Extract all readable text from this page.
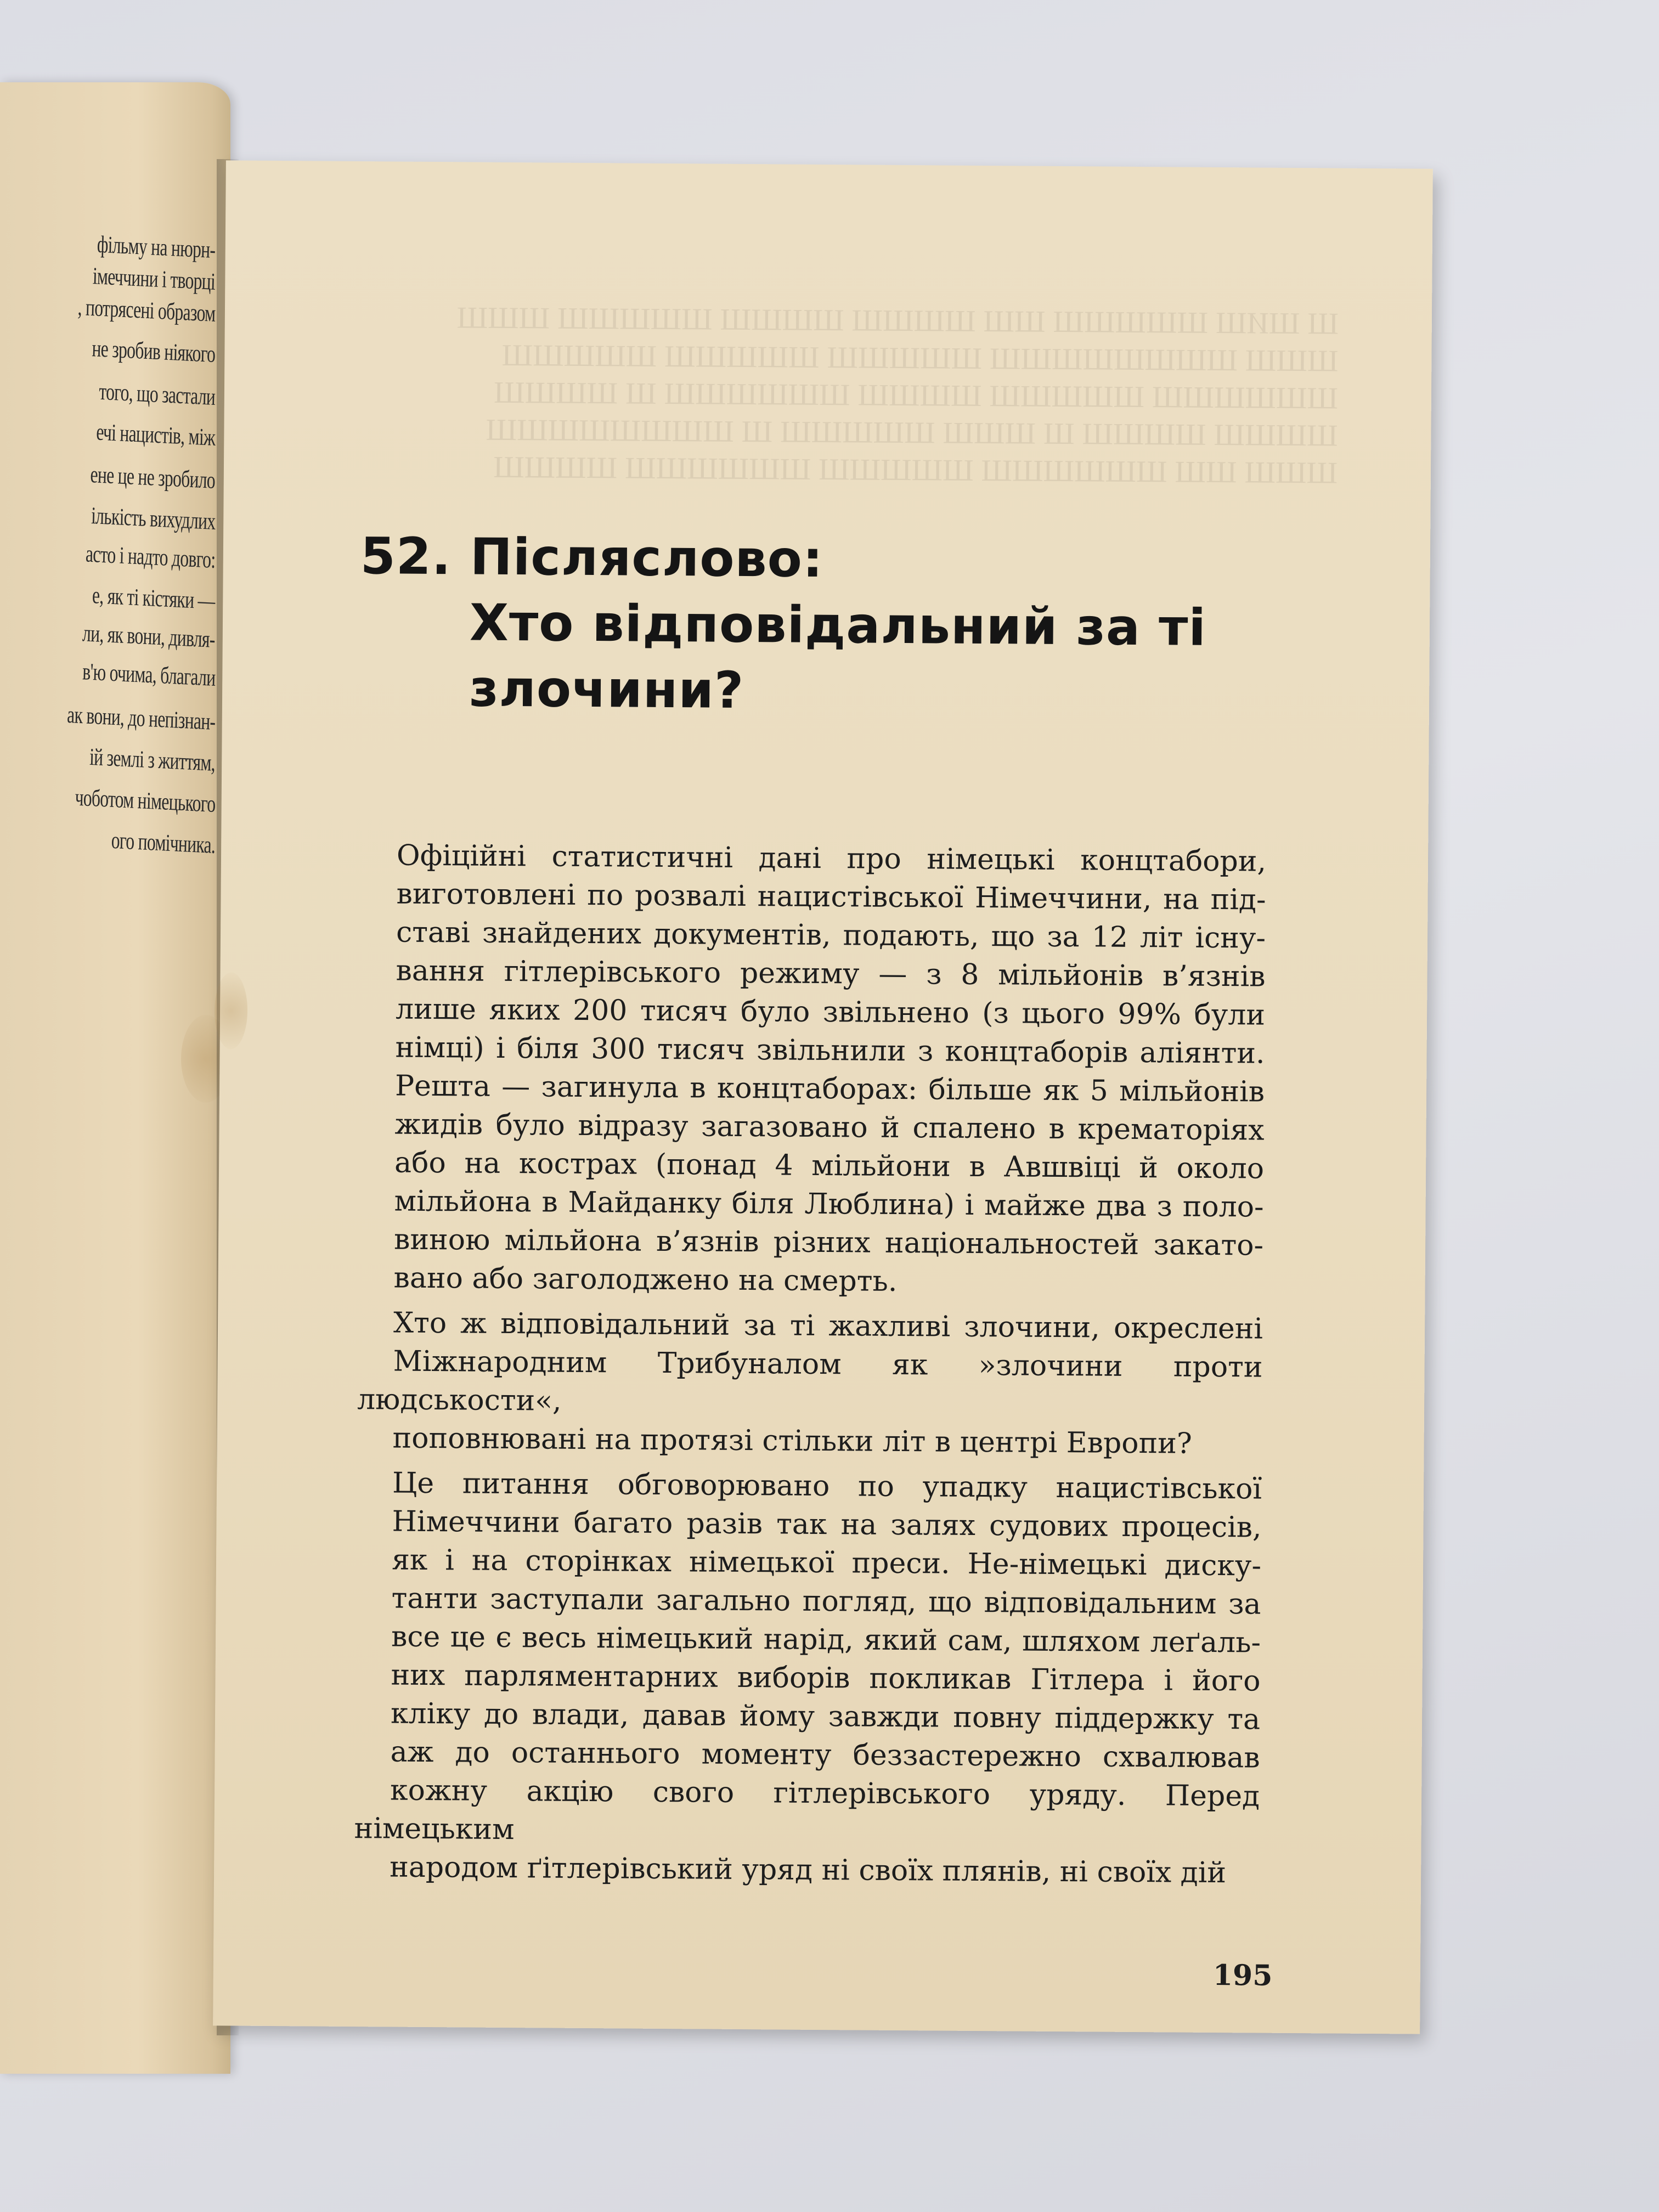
фільму на нюрн-
імеччини і творці
, потрясені образом
не зробив ніякого
того, що застали
ечі нацистів, між
ене це не зробило
ількість вихудлих
асто і надто довго:
е, як ті кістяки —
ли, як вони, дивля-
в'ю очима, благали
ак вони, до непізнан-
ій землі з життям,
чоботом німецького
ого помічника.
Ш ШИШ ШШШШШ ШШ ШШШШ ШШШШ ШШШШШ ШШШ
ШШШ ШШШШШШШШ ШШШШШ ШШШШШ ШШШШШ
ШШШШШШ ШШШШШ ШШШШ ШШШШШШ Ш ШШШШ
ШШШШ ШШШШ Ш ШШШ ШШШШШ Ш ШШШШШШШШ
ШШШ ШШ ШШШШШШ ШШШШШ ШШШШШШ ШШШШ
52. Післяслово:
Хто відповідальний за ті
злочини?
Офіційні статистичні дані про німецькі концтабори,
виготовлені по розвалі нацистівської Німеччини, на під-
ставі знайдених документів, подають, що за 12 літ існу-
вання гітлерівського режиму — з 8 мільйонів в’язнів
лише яких 200 тисяч було звільнено (з цього 99% були
німці) і біля 300 тисяч звільнили з концтаборів аліянти.
Решта — загинула в концтаборах: більше як 5 мільйонів
жидів було відразу загазовано й спалено в крематоріях
або на кострах (понад 4 мільйони в Авшвіці й около
мільйона в Майданку біля Люблина) і майже два з поло-
виною мільйона в’язнів різних національностей закато-
вано або заголоджено на смерть.
Хто ж відповідальний за ті жахливі злочини, окреслені
Міжнародним Трибуналом як »злочини проти людськости«,
поповнювані на протязі стільки літ в центрі Европи?
Це питання обговорювано по упадку нацистівської
Німеччини багато разів так на залях судових процесів,
як і на сторінках німецької преси. Не-німецькі диску-
танти заступали загально погляд, що відповідальним за
все це є весь німецький нарід, який сам, шляхом леґаль-
них парляментарних виборів покликав Гітлера і його
кліку до влади, давав йому завжди повну піддержку та
аж до останнього моменту беззастережно схвалював
кожну акцію свого гітлерівського уряду. Перед німецьким
народом ґітлерівський уряд ні своїх плянів, ні своїх дій
195
